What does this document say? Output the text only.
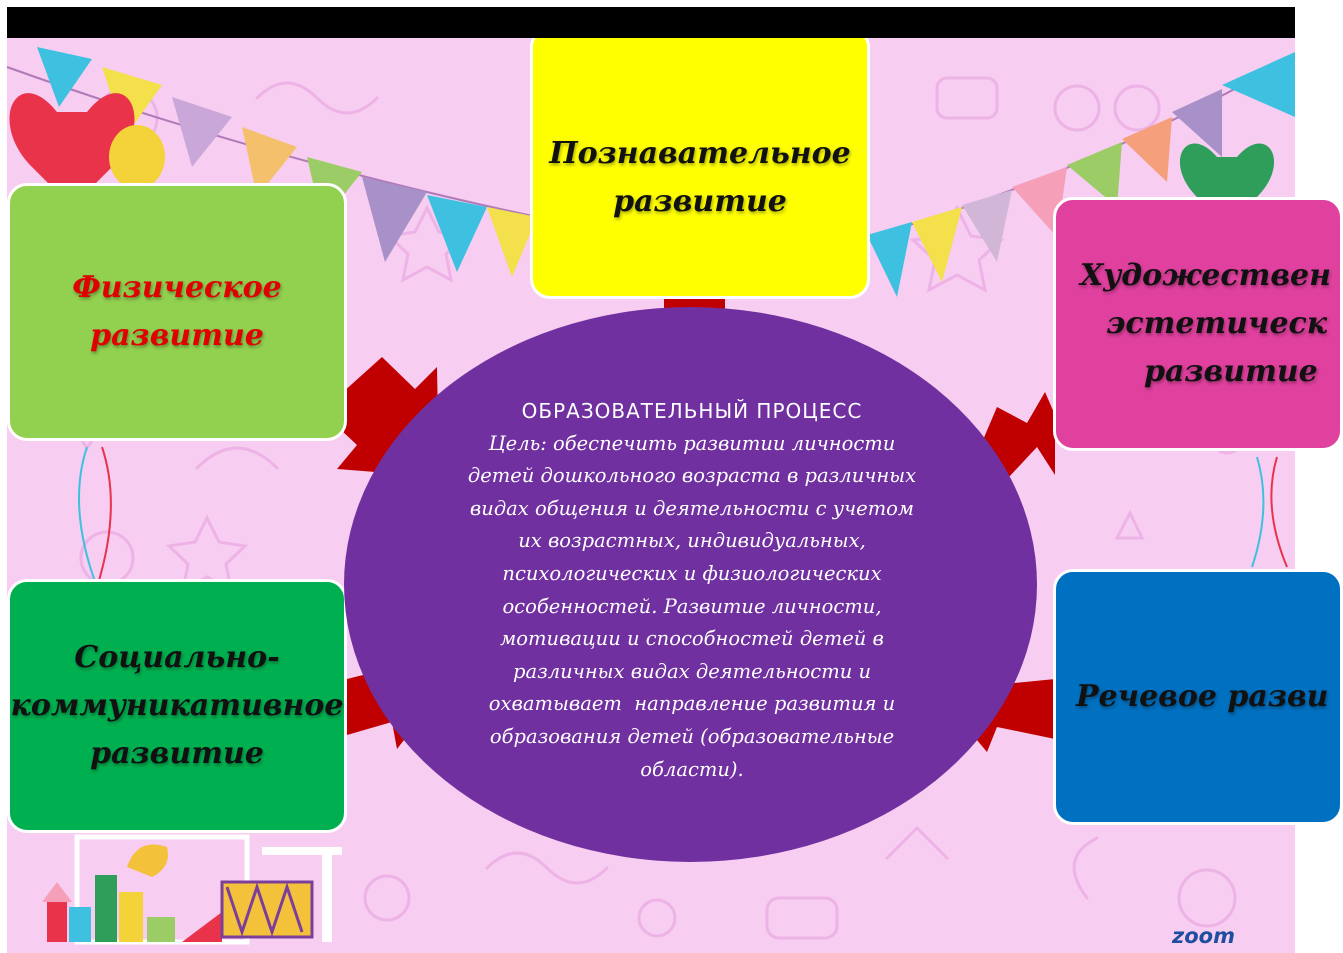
Познавательное
развитие
Физическое
развитие
Художествен
эстетическ
развитие
Социально-
коммуникативное
развитие
Речевое разви
ОБРАЗОВАТЕЛЬНЫЙ ПРОЦЕСС
Цель: обеспечить развитии личности
детей дошкольного возраста в различных
видах общения и деятельности с учетом
их возрастных, индивидуальных,
психологических и физиологических
особенностей. Развитие личности,
мотивации и способностей детей в
различных видах деятельности и
охватывает  направление развития и
образования детей (образовательные
области).
zoom
